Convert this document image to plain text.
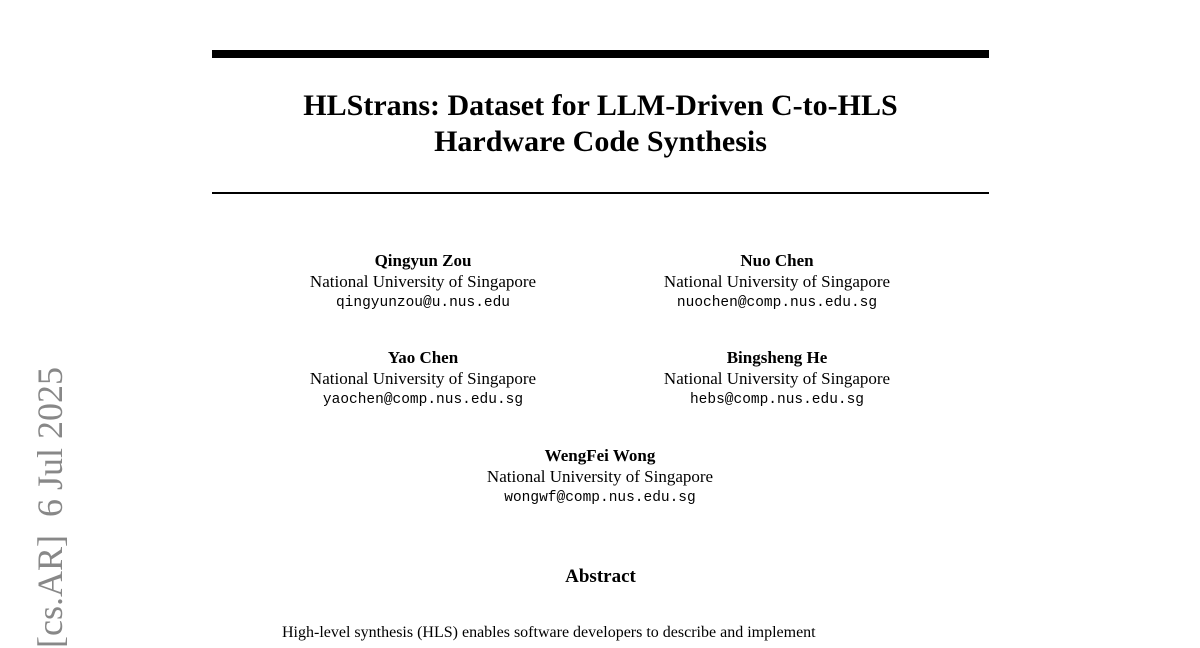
HLStrans: Dataset for LLM-Driven C-to-HLS
Hardware Code Synthesis
Qingyun Zou
National University of Singapore
qingyunzou@u.nus.edu
Nuo Chen
National University of Singapore
nuochen@comp.nus.edu.sg
Yao Chen
National University of Singapore
yaochen@comp.nus.edu.sg
Bingsheng He
National University of Singapore
hebs@comp.nus.edu.sg
WengFei Wong
National University of Singapore
wongwf@comp.nus.edu.sg
Abstract
High-level synthesis (HLS) enables software developers to describe and implement
[cs.AR]  6 Jul 2025
